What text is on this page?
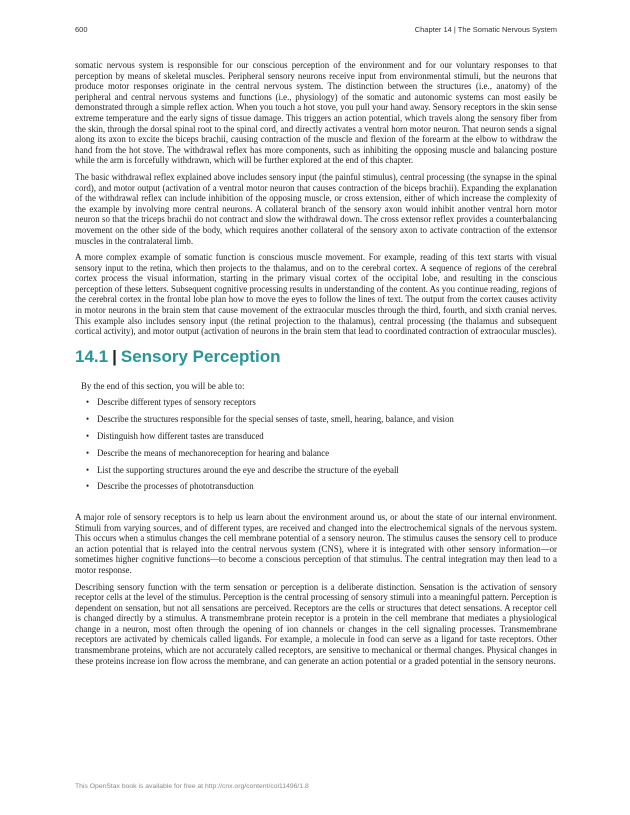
600	Chapter 14 | The Somatic Nervous System

somatic nervous system is responsible for our conscious perception of the environment and for our voluntary responses to that perception by means of skeletal muscles. Peripheral sensory neurons receive input from environmental stimuli, but the neurons that produce motor responses originate in the central nervous system. The distinction between the structures (i.e., anatomy) of the peripheral and central nervous systems and functions (i.e., physiology) of the somatic and autonomic systems can most easily be demonstrated through a simple reflex action. When you touch a hot stove, you pull your hand away. Sensory receptors in the skin sense extreme temperature and the early signs of tissue damage. This triggers an action potential, which travels along the sensory fiber from the skin, through the dorsal spinal root to the spinal cord, and directly activates a ventral horn motor neuron. That neuron sends a signal along its axon to excite the biceps brachii, causing contraction of the muscle and flexion of the forearm at the elbow to withdraw the hand from the hot stove. The withdrawal reflex has more components, such as inhibiting the opposing muscle and balancing posture while the arm is forcefully withdrawn, which will be further explored at the end of this chapter.

The basic withdrawal reflex explained above includes sensory input (the painful stimulus), central processing (the synapse in the spinal cord), and motor output (activation of a ventral motor neuron that causes contraction of the biceps brachii). Expanding the explanation of the withdrawal reflex can include inhibition of the opposing muscle, or cross extension, either of which increase the complexity of the example by involving more central neurons. A collateral branch of the sensory axon would inhibit another ventral horn motor neuron so that the triceps brachii do not contract and slow the withdrawal down. The cross extensor reflex provides a counterbalancing movement on the other side of the body, which requires another collateral of the sensory axon to activate contraction of the extensor muscles in the contralateral limb.

A more complex example of somatic function is conscious muscle movement. For example, reading of this text starts with visual sensory input to the retina, which then projects to the thalamus, and on to the cerebral cortex. A sequence of regions of the cerebral cortex process the visual information, starting in the primary visual cortex of the occipital lobe, and resulting in the conscious perception of these letters. Subsequent cognitive processing results in understanding of the content. As you continue reading, regions of the cerebral cortex in the frontal lobe plan how to move the eyes to follow the lines of text. The output from the cortex causes activity in motor neurons in the brain stem that cause movement of the extraocular muscles through the third, fourth, and sixth cranial nerves. This example also includes sensory input (the retinal projection to the thalamus), central processing (the thalamus and subsequent cortical activity), and motor output (activation of neurons in the brain stem that lead to coordinated contraction of extraocular muscles).

14.1 | Sensory Perception

By the end of this section, you will be able to:

• Describe different types of sensory receptors
• Describe the structures responsible for the special senses of taste, smell, hearing, balance, and vision
• Distinguish how different tastes are transduced
• Describe the means of mechanoreception for hearing and balance
• List the supporting structures around the eye and describe the structure of the eyeball
• Describe the processes of phototransduction

A major role of sensory receptors is to help us learn about the environment around us, or about the state of our internal environment. Stimuli from varying sources, and of different types, are received and changed into the electrochemical signals of the nervous system. This occurs when a stimulus changes the cell membrane potential of a sensory neuron. The stimulus causes the sensory cell to produce an action potential that is relayed into the central nervous system (CNS), where it is integrated with other sensory information—or sometimes higher cognitive functions—to become a conscious perception of that stimulus. The central integration may then lead to a motor response.

Describing sensory function with the term sensation or perception is a deliberate distinction. Sensation is the activation of sensory receptor cells at the level of the stimulus. Perception is the central processing of sensory stimuli into a meaningful pattern. Perception is dependent on sensation, but not all sensations are perceived. Receptors are the cells or structures that detect sensations. A receptor cell is changed directly by a stimulus. A transmembrane protein receptor is a protein in the cell membrane that mediates a physiological change in a neuron, most often through the opening of ion channels or changes in the cell signaling processes. Transmembrane receptors are activated by chemicals called ligands. For example, a molecule in food can serve as a ligand for taste receptors. Other transmembrane proteins, which are not accurately called receptors, are sensitive to mechanical or thermal changes. Physical changes in these proteins increase ion flow across the membrane, and can generate an action potential or a graded potential in the sensory neurons.

This OpenStax book is available for free at http://cnx.org/content/col11496/1.8
